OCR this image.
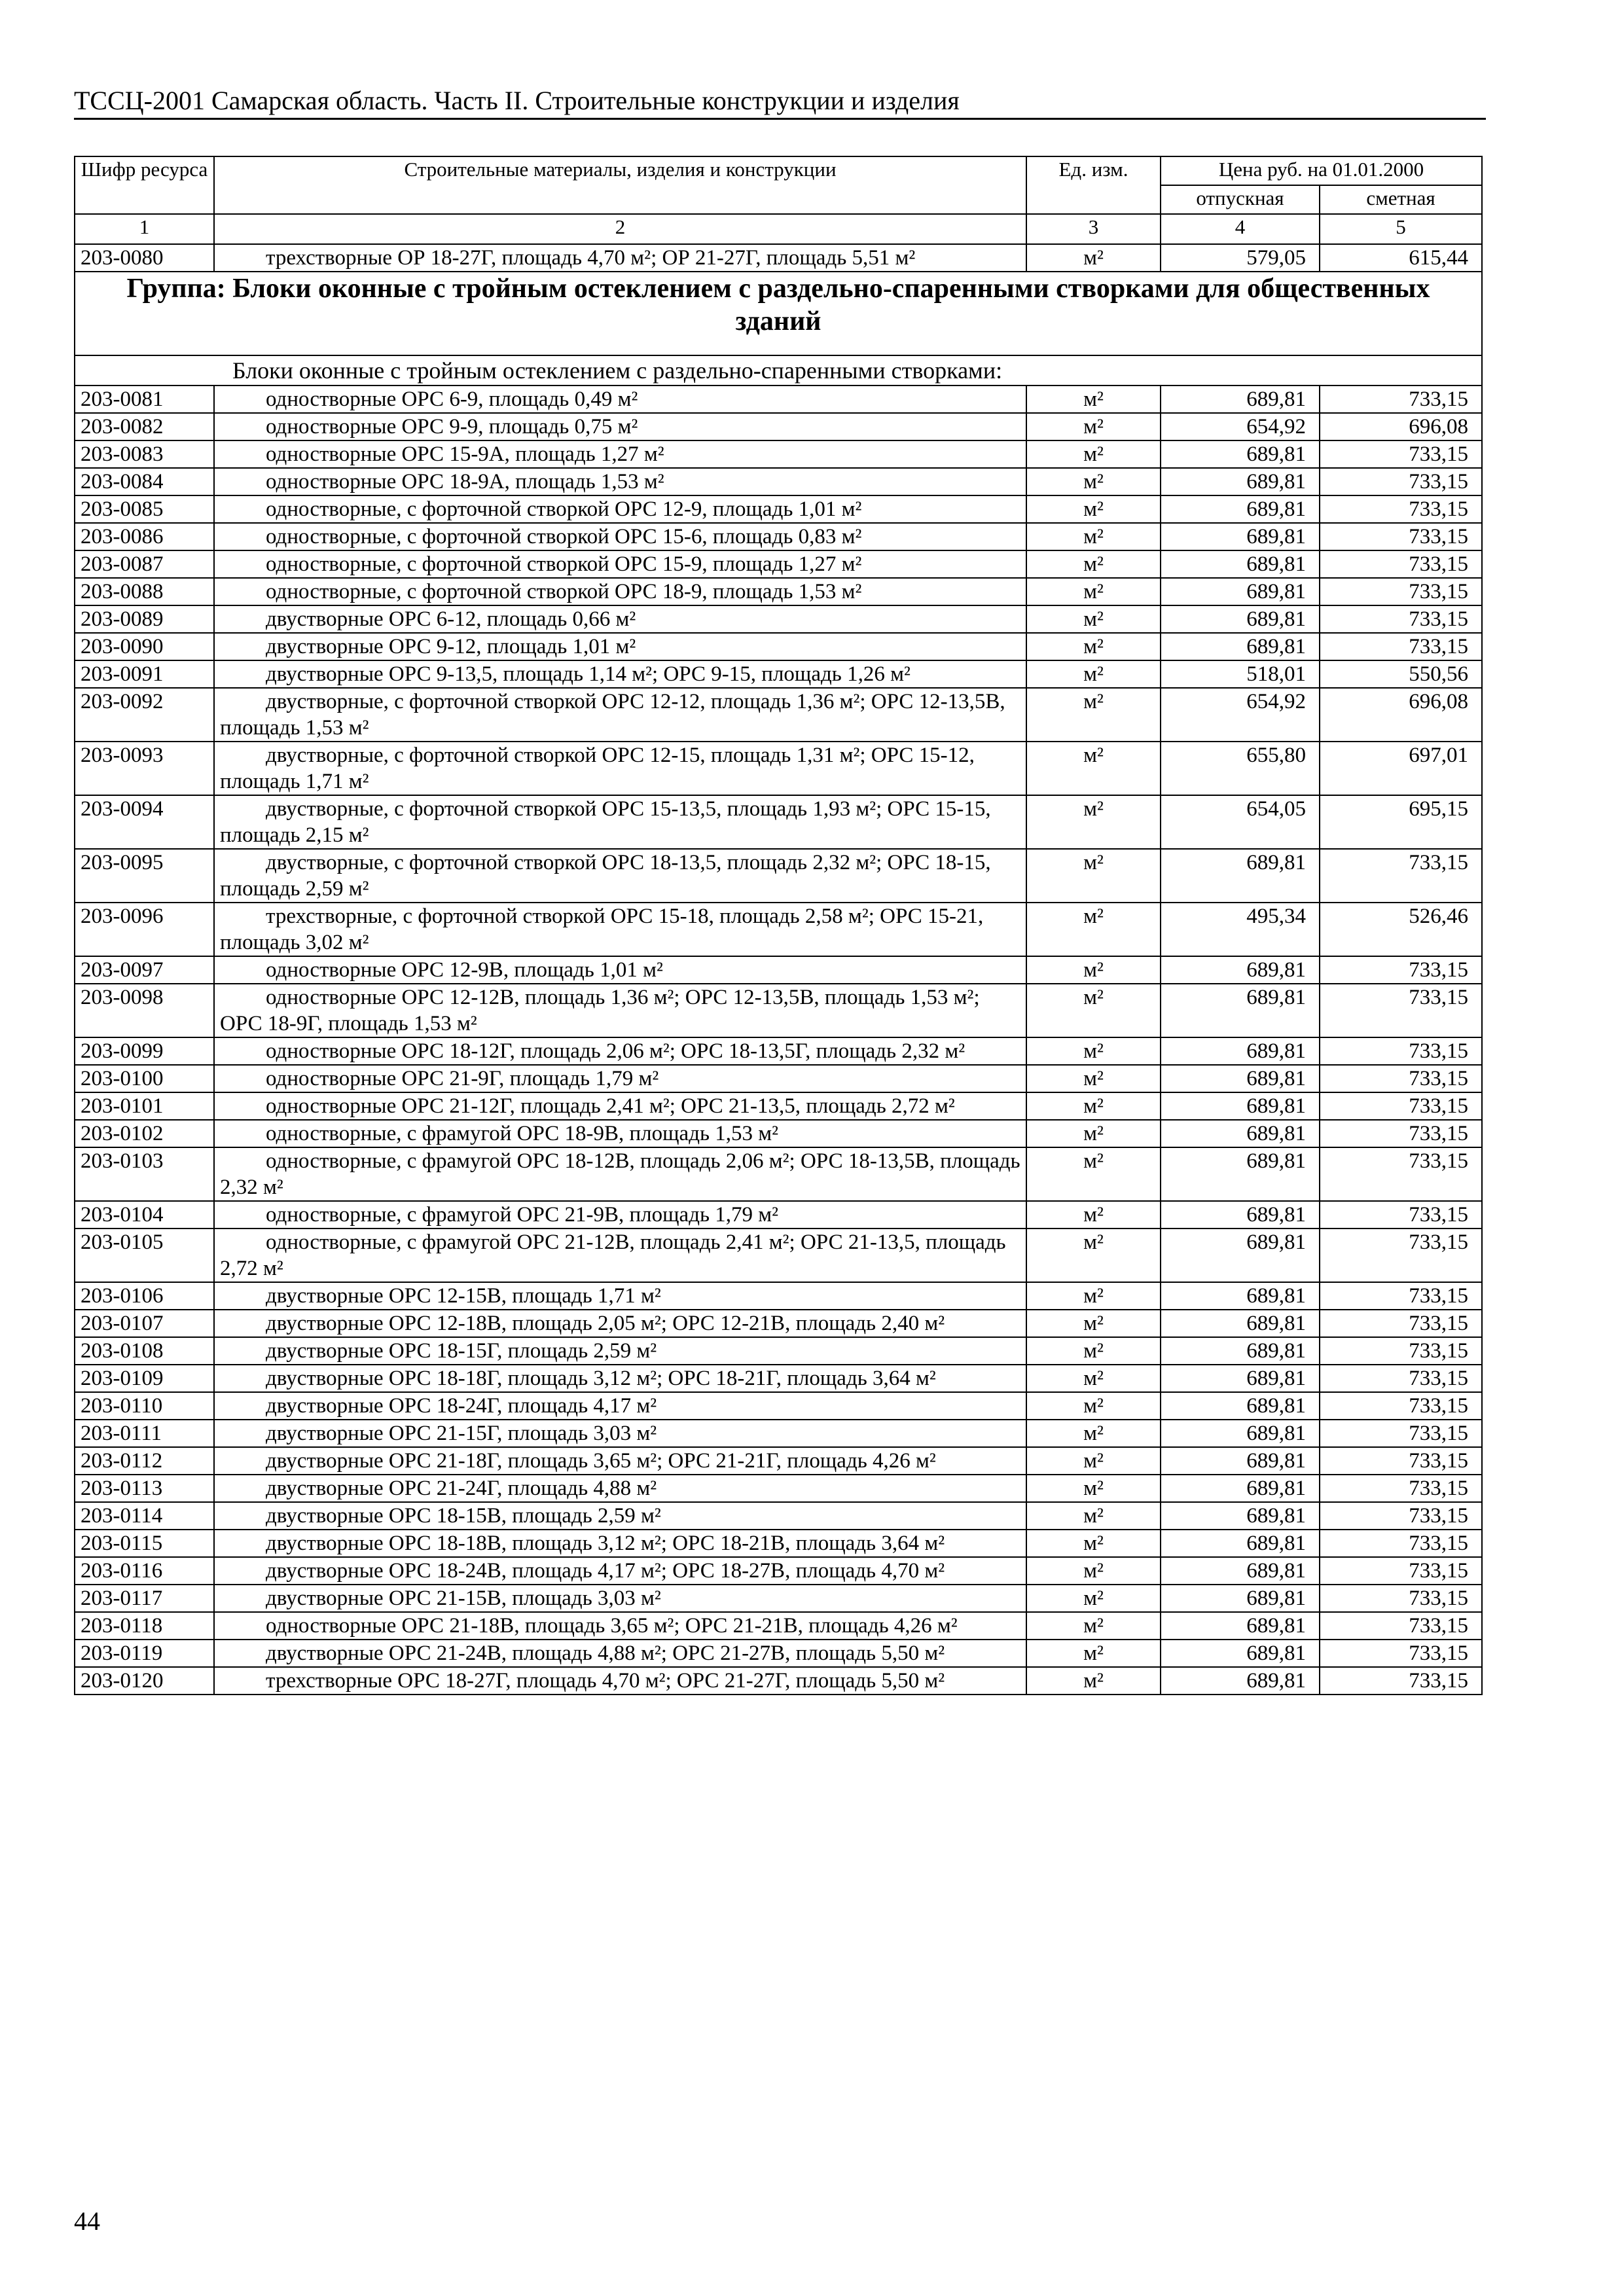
ТССЦ-2001 Самарская область. Часть II. Строительные конструкции и изделия
Шифр ресурса	Строительные материалы, изделия и конструкции	Ед. изм.	Цена руб. на 01.01.2000	
			отпускная	сметная
1	2	3	4	5
203-0080	трехстворные ОР 18-27Г, площадь 4,70 м²; ОР 21-27Г, площадь 5,51 м²	м²	579,05	615,44
Группа: Блоки оконные с тройным остеклением с раздельно-спаренными створками для общественных зданий				
Блоки оконные с тройным остеклением с раздельно-спаренными створками:				
203-0081	одностворные ОРС 6-9, площадь 0,49 м²	м²	689,81	733,15
203-0082	одностворные ОРС 9-9, площадь 0,75 м²	м²	654,92	696,08
203-0083	одностворные ОРС 15-9А, площадь 1,27 м²	м²	689,81	733,15
203-0084	одностворные ОРС 18-9А, площадь 1,53 м²	м²	689,81	733,15
203-0085	одностворные, с форточной створкой ОРС 12-9, площадь 1,01 м²	м²	689,81	733,15
203-0086	одностворные, с форточной створкой ОРС 15-6, площадь 0,83 м²	м²	689,81	733,15
203-0087	одностворные, с форточной створкой ОРС 15-9, площадь 1,27 м²	м²	689,81	733,15
203-0088	одностворные, с форточной створкой ОРС 18-9, площадь 1,53 м²	м²	689,81	733,15
203-0089	двустворные ОРС 6-12, площадь 0,66 м²	м²	689,81	733,15
203-0090	двустворные ОРС 9-12, площадь 1,01 м²	м²	689,81	733,15
203-0091	двустворные ОРС 9-13,5, площадь 1,14 м²; ОРС 9-15, площадь 1,26 м²	м²	518,01	550,56
203-0092	двустворные, с форточной створкой ОРС 12-12, площадь 1,36 м²; ОРС 12-13,5В, площадь 1,53 м²	м²	654,92	696,08
203-0093	двустворные, с форточной створкой ОРС 12-15, площадь 1,31 м²; ОРС 15-12, площадь 1,71 м²	м²	655,80	697,01
203-0094	двустворные, с форточной створкой ОРС 15-13,5, площадь 1,93 м²; ОРС 15-15, площадь 2,15 м²	м²	654,05	695,15
203-0095	двустворные, с форточной створкой ОРС 18-13,5, площадь 2,32 м²; ОРС 18-15, площадь 2,59 м²	м²	689,81	733,15
203-0096	трехстворные, с форточной створкой ОРС 15-18, площадь 2,58 м²; ОРС 15-21, площадь 3,02 м²	м²	495,34	526,46
203-0097	одностворные ОРС 12-9В, площадь 1,01 м²	м²	689,81	733,15
203-0098	одностворные ОРС 12-12В, площадь 1,36 м²; ОРС 12-13,5В, площадь 1,53 м²; ОРС 18-9Г, площадь 1,53 м²	м²	689,81	733,15
203-0099	одностворные ОРС 18-12Г, площадь 2,06 м²; ОРС 18-13,5Г, площадь 2,32 м²	м²	689,81	733,15
203-0100	одностворные ОРС 21-9Г, площадь 1,79 м²	м²	689,81	733,15
203-0101	одностворные ОРС 21-12Г, площадь 2,41 м²; ОРС 21-13,5, площадь 2,72 м²	м²	689,81	733,15
203-0102	одностворные, с фрамугой ОРС 18-9В, площадь 1,53 м²	м²	689,81	733,15
203-0103	одностворные, с фрамугой ОРС 18-12В, площадь 2,06 м²; ОРС 18-13,5В, площадь 2,32 м²	м²	689,81	733,15
203-0104	одностворные, с фрамугой ОРС 21-9В, площадь 1,79 м²	м²	689,81	733,15
203-0105	одностворные, с фрамугой ОРС 21-12В, площадь 2,41 м²; ОРС 21-13,5, площадь 2,72 м²	м²	689,81	733,15
203-0106	двустворные ОРС 12-15В, площадь 1,71 м²	м²	689,81	733,15
203-0107	двустворные ОРС 12-18В, площадь 2,05 м²; ОРС 12-21В, площадь 2,40 м²	м²	689,81	733,15
203-0108	двустворные ОРС 18-15Г, площадь 2,59 м²	м²	689,81	733,15
203-0109	двустворные ОРС 18-18Г, площадь 3,12 м²; ОРС 18-21Г, площадь 3,64 м²	м²	689,81	733,15
203-0110	двустворные ОРС 18-24Г, площадь 4,17 м²	м²	689,81	733,15
203-0111	двустворные ОРС 21-15Г, площадь 3,03 м²	м²	689,81	733,15
203-0112	двустворные ОРС 21-18Г, площадь 3,65 м²; ОРС 21-21Г, площадь 4,26 м²	м²	689,81	733,15
203-0113	двустворные ОРС 21-24Г, площадь 4,88 м²	м²	689,81	733,15
203-0114	двустворные ОРС 18-15В, площадь 2,59 м²	м²	689,81	733,15
203-0115	двустворные ОРС 18-18В, площадь 3,12 м²; ОРС 18-21В, площадь 3,64 м²	м²	689,81	733,15
203-0116	двустворные ОРС 18-24В, площадь 4,17 м²; ОРС 18-27В, площадь 4,70 м²	м²	689,81	733,15
203-0117	двустворные ОРС 21-15В, площадь 3,03 м²	м²	689,81	733,15
203-0118	одностворные ОРС 21-18В, площадь 3,65 м²; ОРС 21-21В, площадь 4,26 м²	м²	689,81	733,15
203-0119	двустворные ОРС 21-24В, площадь 4,88 м²; ОРС 21-27В, площадь 5,50 м²	м²	689,81	733,15
203-0120	трехстворные ОРС 18-27Г, площадь 4,70 м²; ОРС 21-27Г, площадь 5,50 м²	м²	689,81	733,15
44
